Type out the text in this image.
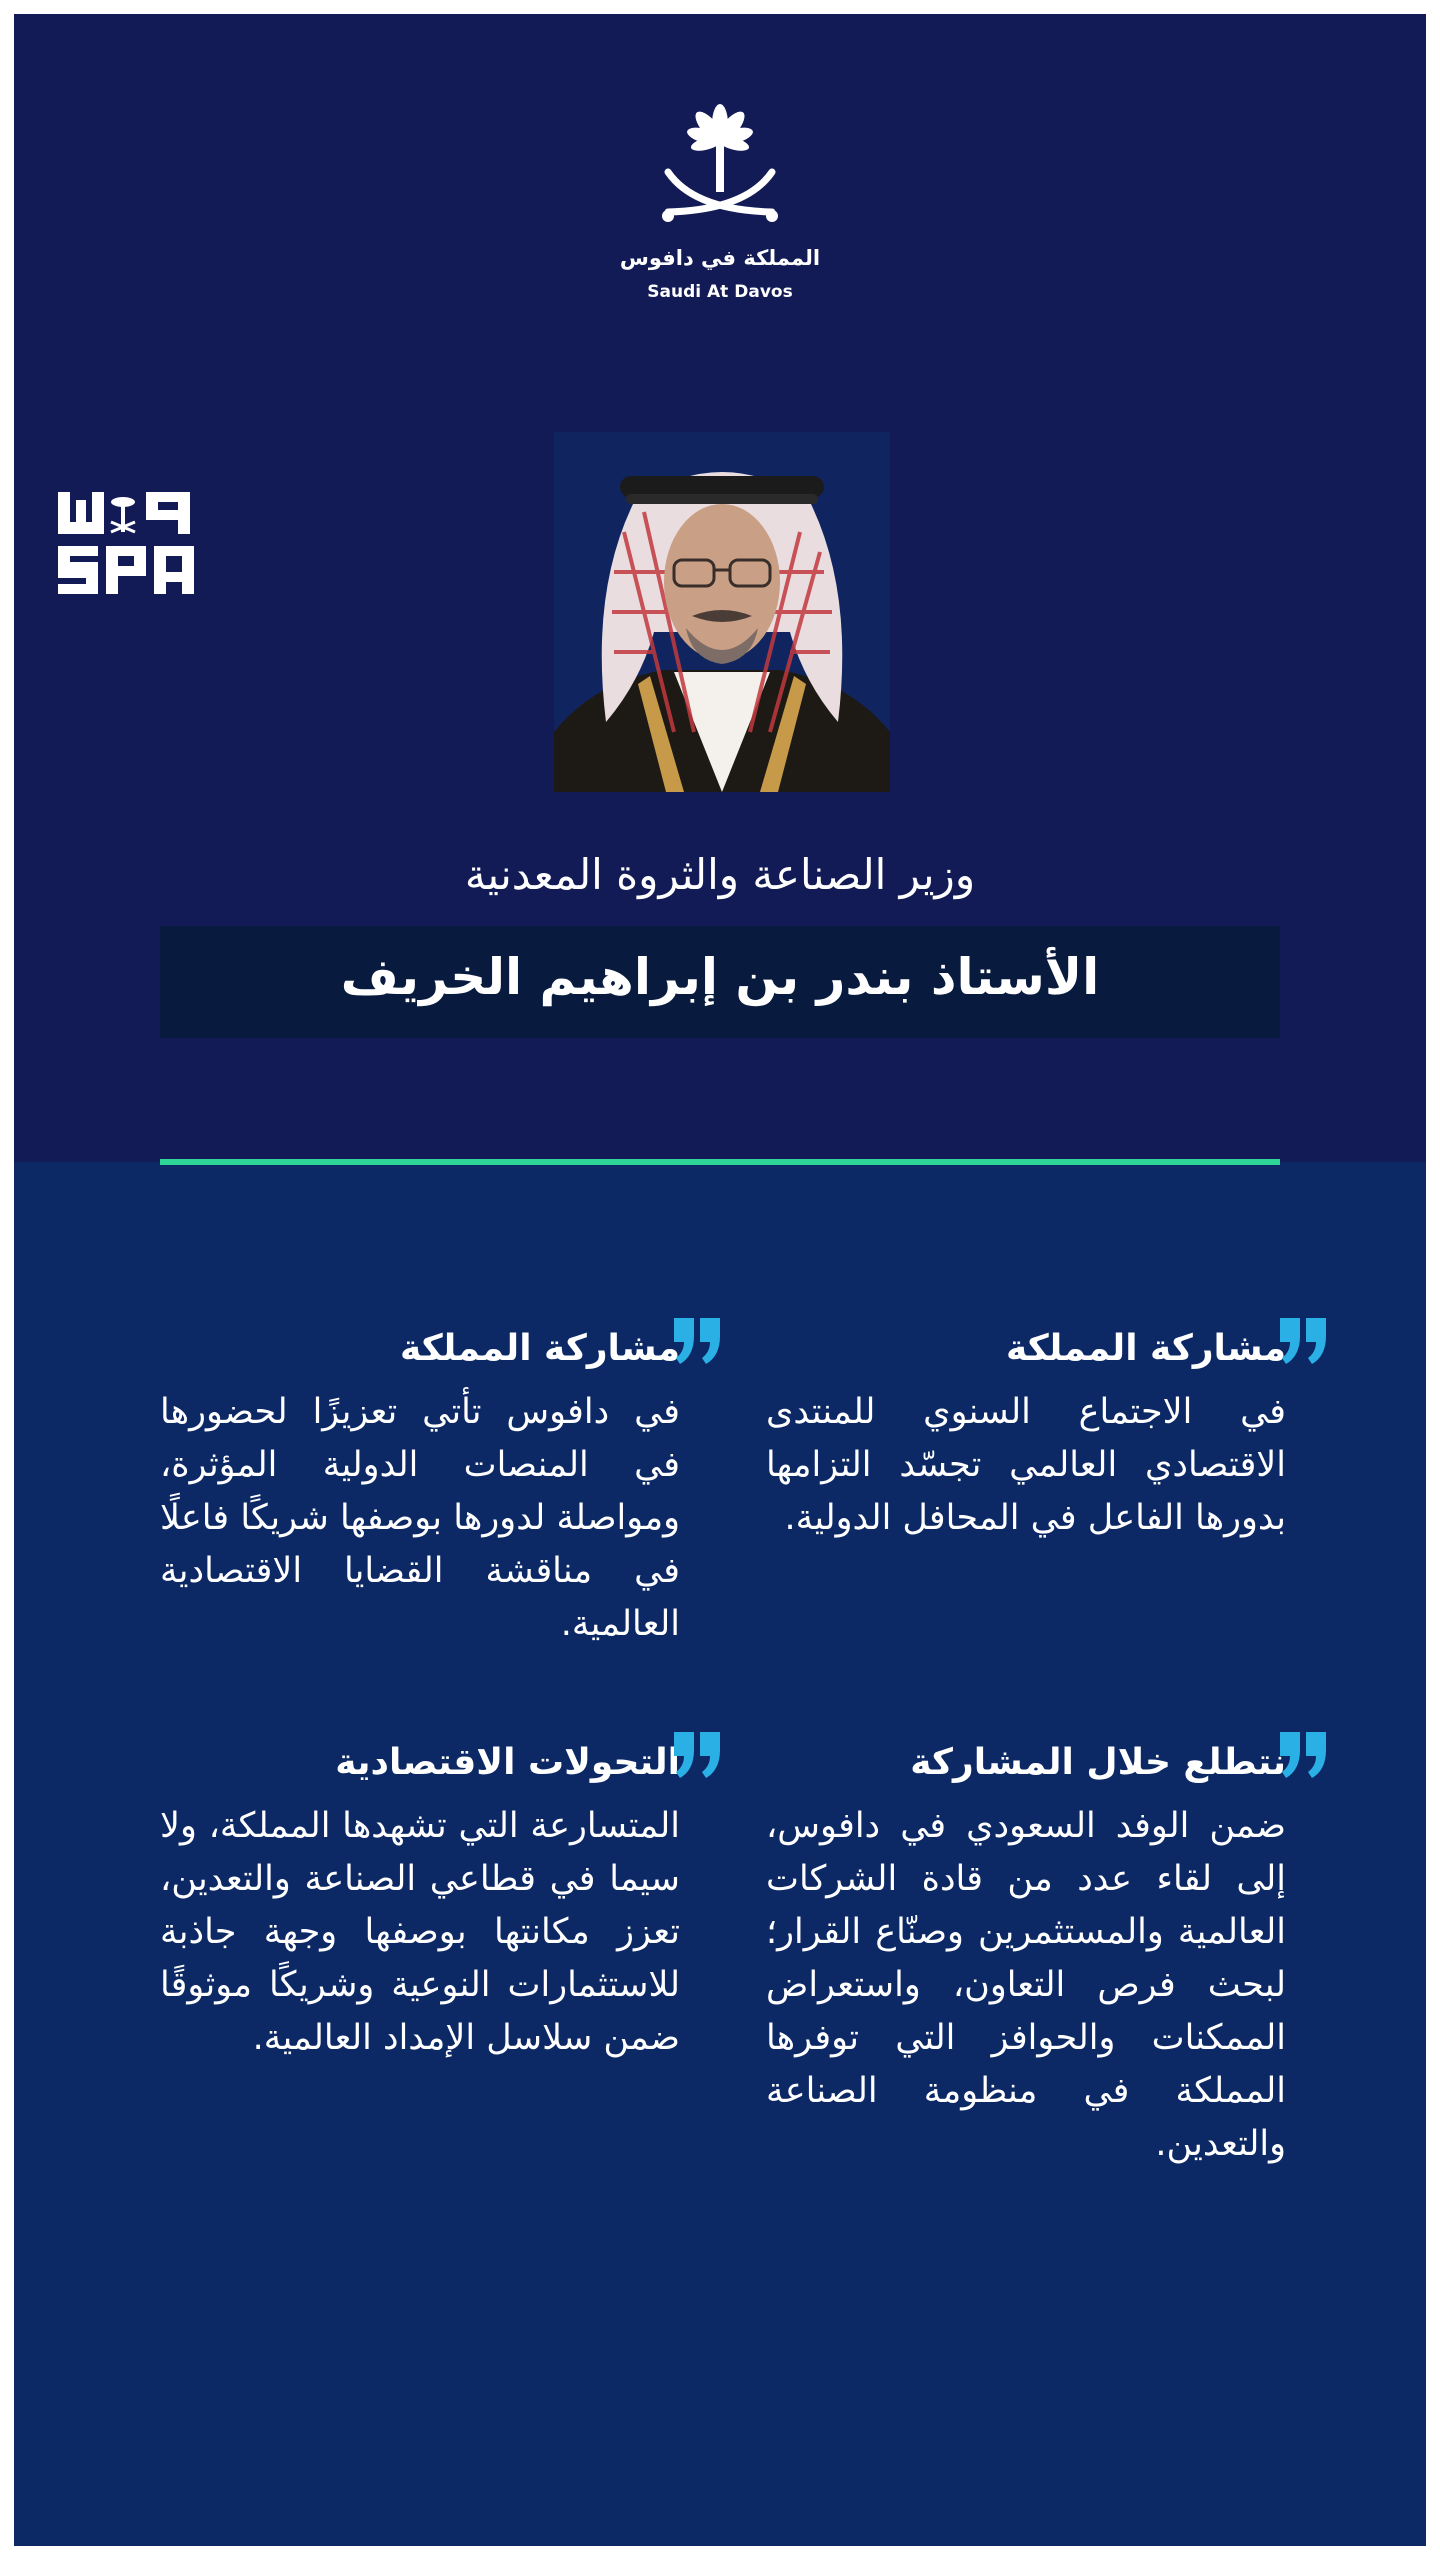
المملكة في دافوس
Saudi At Davos
وزير الصناعة والثروة المعدنية
الأستاذ بندر بن إبراهيم الخريف
مشاركة المملكة
في الاجتماع السنوي للمنتدى الاقتصادي العالمي تجسّد التزامها بدورها الفاعل في المحافل الدولية.
مشاركة المملكة
في دافوس تأتي تعزيزًا لحضورها في المنصات الدولية المؤثرة، ومواصلة لدورها بوصفها شريكًا فاعلًا في مناقشة القضايا الاقتصادية العالمية.
نتطلع خلال المشاركة
ضمن الوفد السعودي في دافوس، إلى لقاء عدد من قادة الشركات العالمية والمستثمرين وصنّاع القرار؛ لبحث فرص التعاون، واستعراض الممكنات والحوافز التي توفرها المملكة في منظومة الصناعة والتعدين.
التحولات الاقتصادية
المتسارعة التي تشهدها المملكة، ولا سيما في قطاعي الصناعة والتعدين، تعزز مكانتها بوصفها وجهة جاذبة للاستثمارات النوعية وشريكًا موثوقًا ضمن سلاسل الإمداد العالمية.
